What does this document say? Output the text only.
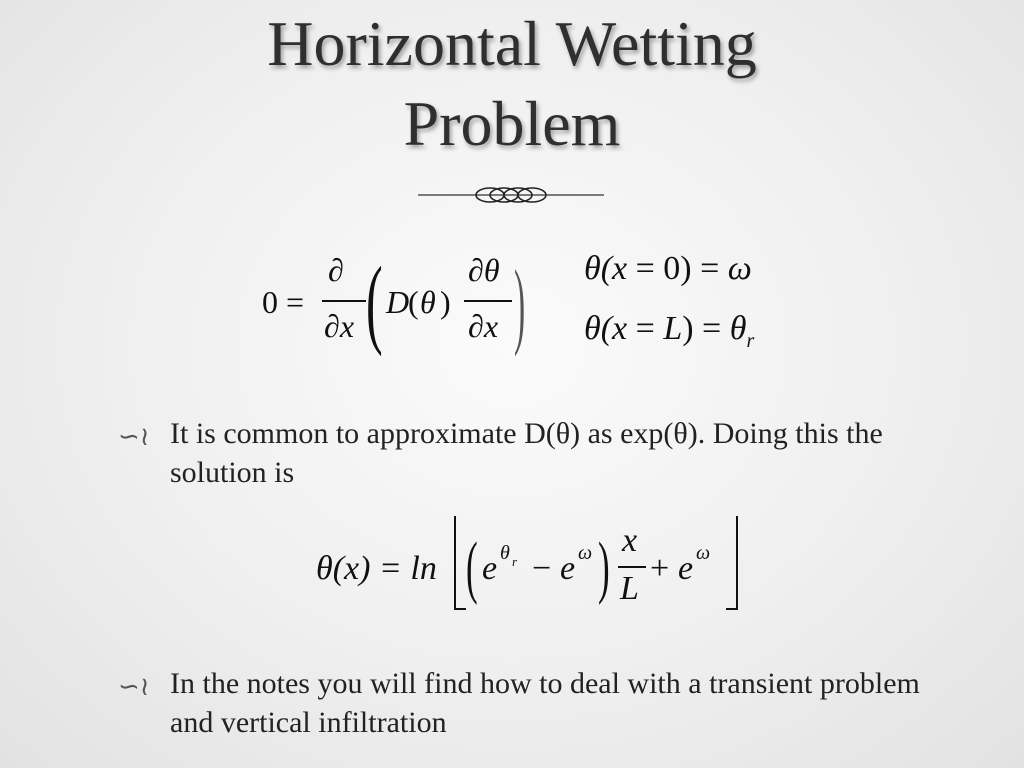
Horizontal Wetting
Problem
0 =
∂
∂x ( D
( θ )
∂θ
∂x ) θ(x = 0) = ω
$\theta(x = L) = \theta_r$
∽≀ It is common to approximate D(θ) as exp(θ). Doing this the solution is
θ(x) = ln ( e θ r − e ω ) x
L
+ e ω
∽≀ In the notes you will find how to deal with a transient problem and vertical infiltration
